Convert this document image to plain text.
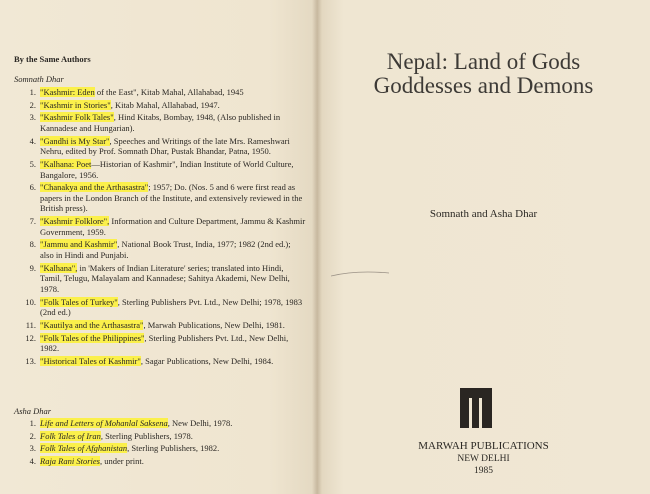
By the Same Authors
Somnath Dhar
1. "Kashmir: Eden of the East", Kitab Mahal, Allahabad, 1945
2. "Kashmir in Stories", Kitab Mahal, Allahabad, 1947.
3. "Kashmir Folk Tales", Hind Kitabs, Bombay, 1948, (Also published in Kannadese and Hungarian).
4. "Gandhi is My Star", Speeches and Writings of the late Mrs. Rameshwari Nehru, edited by Prof. Somnath Dhar, Pustak Bhandar, Patna, 1950.
5. "Kalhana: Poet—Historian of Kashmir", Indian Institute of World Culture, Bangalore, 1956.
6. "Chanakya and the Arthasastra"; 1957; Do. (Nos. 5 and 6 were first read as papers in the London Branch of the Institute, and extensively reviewed in the British press).
7. "Kashmir Folklore", Information and Culture Department, Jammu & Kashmir Government, 1959.
8. "Jammu and Kashmir", National Book Trust, India, 1977; 1982 (2nd ed.); also in Hindi and Punjabi.
9. "Kalhana", in 'Makers of Indian Literature' series; translated into Hindi, Tamil, Telugu, Malayalam and Kannadese; Sahitya Akademi, New Delhi, 1978.
10. "Folk Tales of Turkey", Sterling Publishers Pvt. Ltd., New Delhi; 1978, 1983 (2nd ed.)
11. "Kautilya and the Arthasastra", Marwah Publications, New Delhi, 1981.
12. "Folk Tales of the Philippines", Sterling Publishers Pvt. Ltd., New Delhi, 1982.
13. "Historical Tales of Kashmir", Sagar Publications, New Delhi, 1984.
Asha Dhar
1. Life and Letters of Mohanlal Saksena, New Delhi, 1978.
2. Folk Tales of Iran, Sterling Publishers, 1978.
3. Folk Tales of Afghanistan, Sterling Publishers, 1982.
4. Raja Rani Stories, under print.
Nepal: Land of Gods
Goddesses and Demons
Somnath and Asha Dhar
MARWAH PUBLICATIONS
NEW DELHI
1985
